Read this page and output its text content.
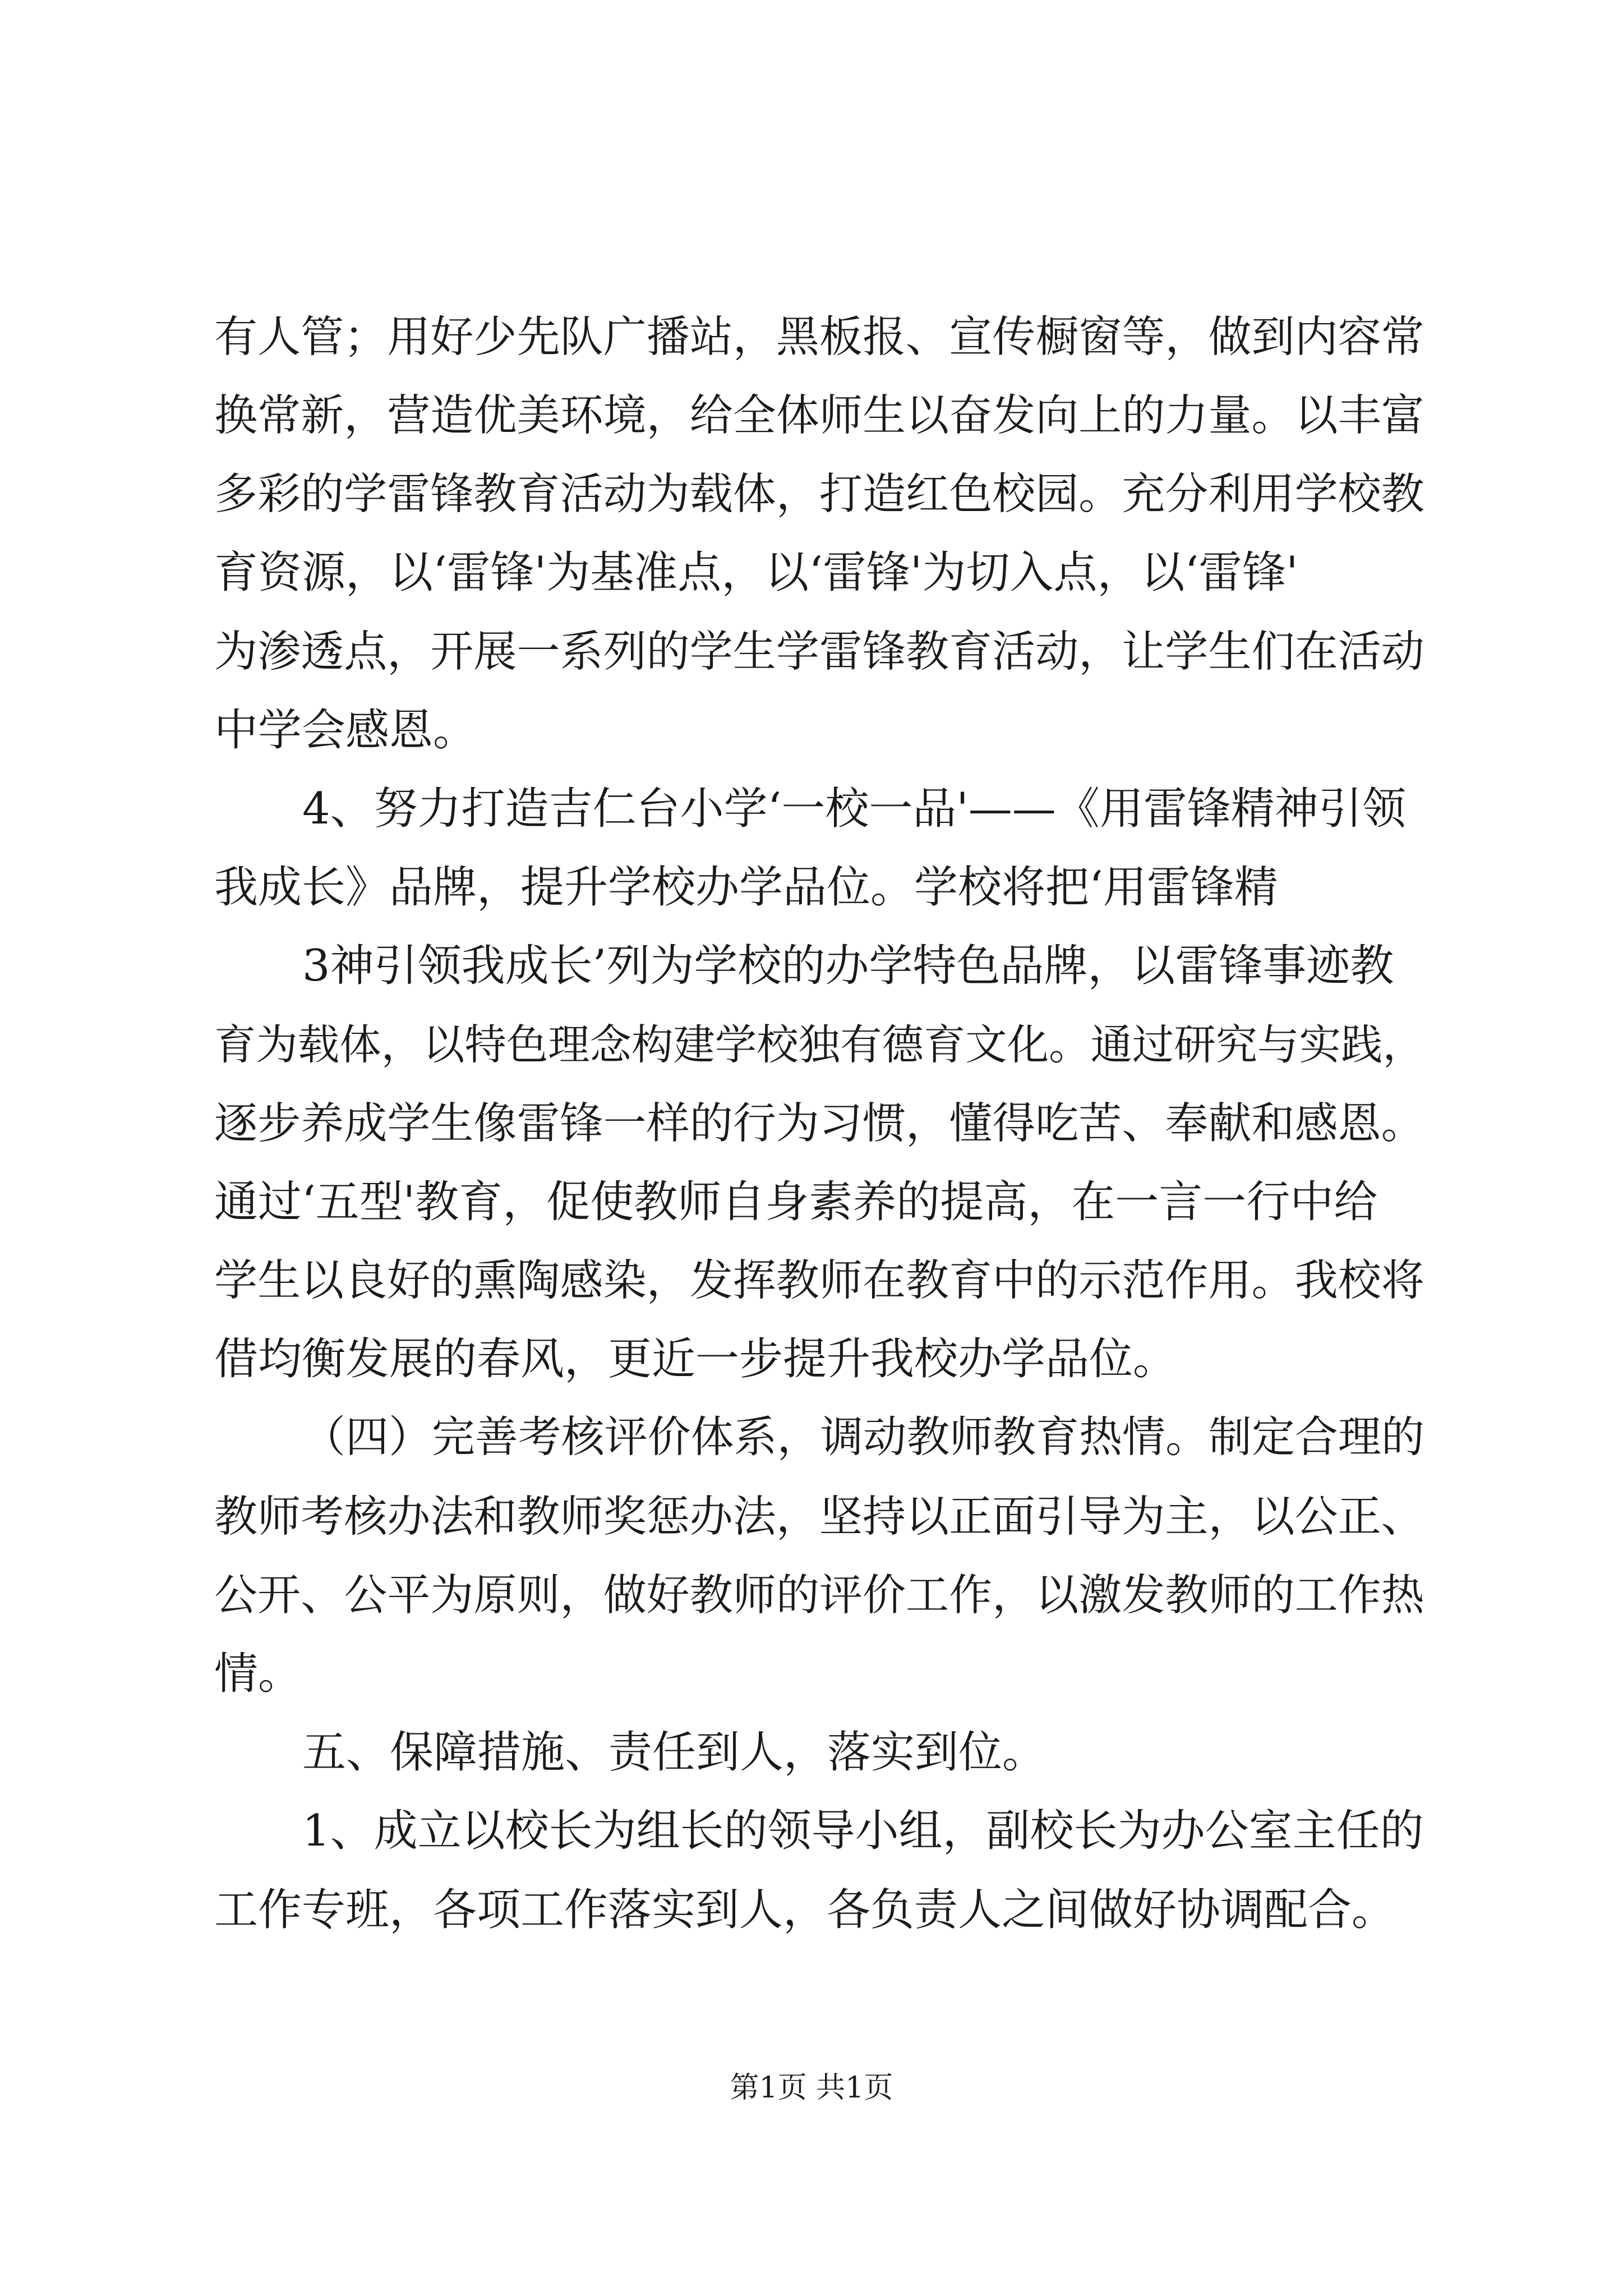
有人管；用好少先队广播站，黑板报、宣传橱窗等，做到内容常

换常新，营造优美环境，给全体师生以奋发向上的力量。以丰富

多彩的学雷锋教育活动为载体，打造红色校园。充分利用学校教

育资源，以‘雷锋'为基准点，以‘雷锋'为切入点，以‘雷锋'

为渗透点，开展一系列的学生学雷锋教育活动，让学生们在活动

中学会感恩。

4、努力打造吉仁台小学‘一校一品'——《用雷锋精神引领

我成长》品牌，提升学校办学品位。学校将把‘用雷锋精

3神引领我成长’列为学校的办学特色品牌，以雷锋事迹教

育为载体，以特色理念构建学校独有德育文化。通过研究与实践，

逐步养成学生像雷锋一样的行为习惯，懂得吃苦、奉献和感恩。

通过‘五型'教育，促使教师自身素养的提高，在一言一行中给

学生以良好的熏陶感染，发挥教师在教育中的示范作用。我校将

借均衡发展的春风，更近一步提升我校办学品位。

（四）完善考核评价体系，调动教师教育热情。制定合理的

教师考核办法和教师奖惩办法，坚持以正面引导为主，以公正、

公开、公平为原则，做好教师的评价工作，以激发教师的工作热

情。

五、保障措施、责任到人，落实到位。

1、成立以校长为组长的领导小组，副校长为办公室主任的

工作专班，各项工作落实到人，各负责人之间做好协调配合。

第1页 共1页
